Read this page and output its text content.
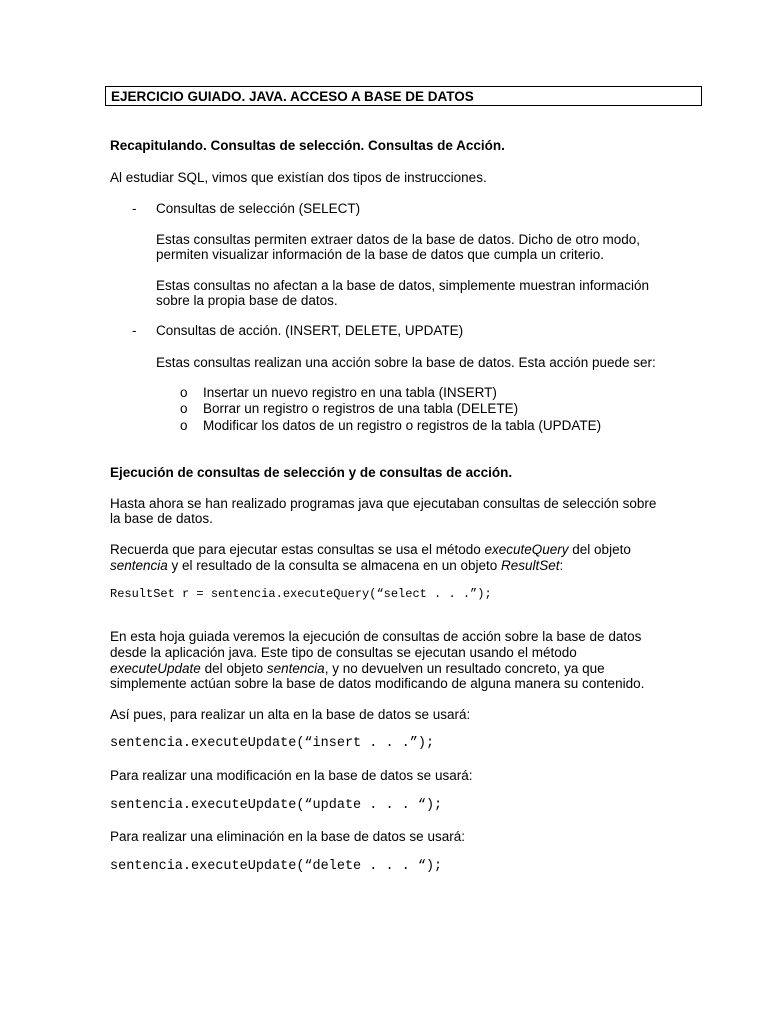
EJERCICIO GUIADO. JAVA. ACCESO A BASE DE DATOS

Recapitulando. Consultas de selección. Consultas de Acción.

Al estudiar SQL, vimos que existían dos tipos de instrucciones.

- Consultas de selección (SELECT)

Estas consultas permiten extraer datos de la base de datos. Dicho de otro modo,

permiten visualizar información de la base de datos que cumpla un criterio.

Estas consultas no afectan a la base de datos, simplemente muestran información

sobre la propia base de datos.

- Consultas de acción. (INSERT, DELETE, UPDATE)

Estas consultas realizan una acción sobre la base de datos. Esta acción puede ser:

o Insertar un nuevo registro en una tabla (INSERT)

o Borrar un registro o registros de una tabla (DELETE)

o Modificar los datos de un registro o registros de la tabla (UPDATE)

Ejecución de consultas de selección y de consultas de acción.

Hasta ahora se han realizado programas java que ejecutaban consultas de selección sobre

la base de datos.

Recuerda que para ejecutar estas consultas se usa el método executeQuery del objeto

sentencia y el resultado de la consulta se almacena en un objeto ResultSet:

ResultSet r = sentencia.executeQuery(“select . . .”);

En esta hoja guiada veremos la ejecución de consultas de acción sobre la base de datos

desde la aplicación java. Este tipo de consultas se ejecutan usando el método

executeUpdate del objeto sentencia, y no devuelven un resultado concreto, ya que

simplemente actúan sobre la base de datos modificando de alguna manera su contenido.

Así pues, para realizar un alta en la base de datos se usará:

sentencia.executeUpdate(“insert . . .”);

Para realizar una modificación en la base de datos se usará:

sentencia.executeUpdate(“update . . . “);

Para realizar una eliminación en la base de datos se usará:

sentencia.executeUpdate(“delete . . . “);
